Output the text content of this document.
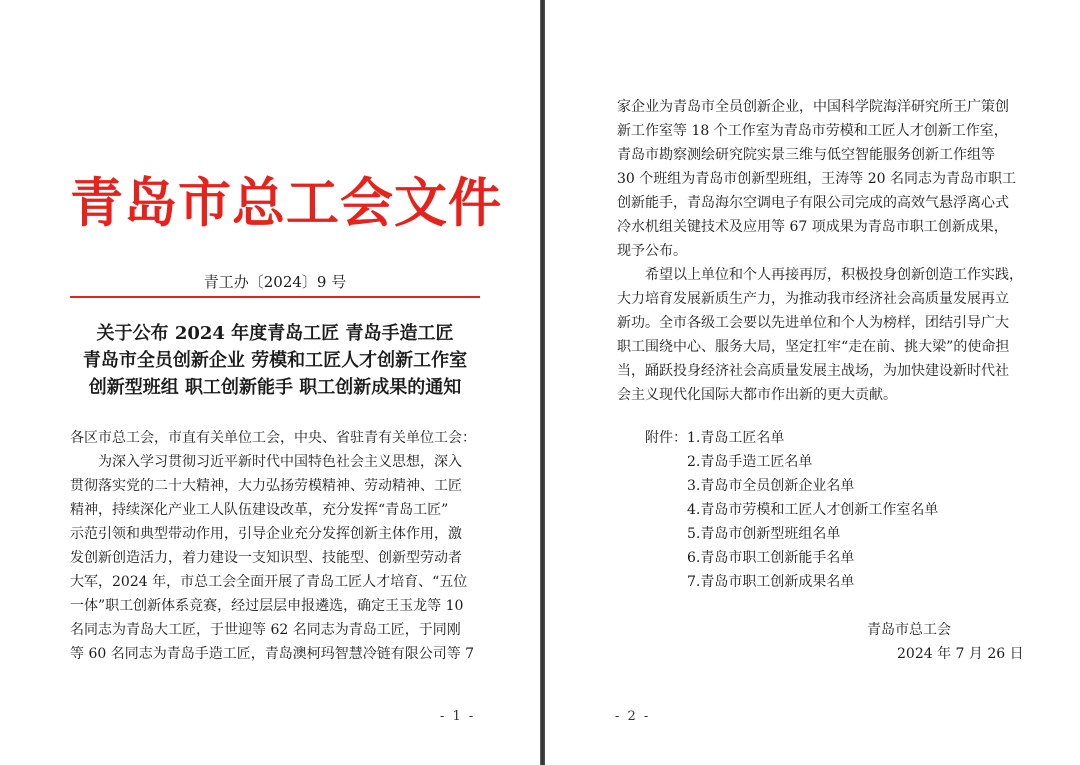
青岛市总工会文件
青工办〔2024〕9 号
关于公布 2024 年度青岛工匠 青岛手造工匠
青岛市全员创新企业 劳模和工匠人才创新工作室
创新型班组 职工创新能手 职工创新成果的通知
各区市总工会，市直有关单位工会，中央、省驻青有关单位工会：
为深入学习贯彻习近平新时代中国特色社会主义思想，深入
贯彻落实党的二十大精神，大力弘扬劳模精神、劳动精神、工匠
精神，持续深化产业工人队伍建设改革，充分发挥“青岛工匠”
示范引领和典型带动作用，引导企业充分发挥创新主体作用，激
发创新创造活力，着力建设一支知识型、技能型、创新型劳动者
大军，2024 年，市总工会全面开展了青岛工匠人才培育、“五位
一体”职工创新体系竞赛，经过层层申报遴选，确定王玉龙等 10
名同志为青岛大工匠，于世迎等 62 名同志为青岛工匠，于同刚
等 60 名同志为青岛手造工匠，青岛澳柯玛智慧冷链有限公司等 7
- 1 -
家企业为青岛市全员创新企业，中国科学院海洋研究所王广策创
新工作室等 18 个工作室为青岛市劳模和工匠人才创新工作室，
青岛市勘察测绘研究院实景三维与低空智能服务创新工作组等
30 个班组为青岛市创新型班组，王涛等 20 名同志为青岛市职工
创新能手，青岛海尔空调电子有限公司完成的高效气悬浮离心式
冷水机组关键技术及应用等 67 项成果为青岛市职工创新成果，
现予公布。
希望以上单位和个人再接再厉，积极投身创新创造工作实践，
大力培育发展新质生产力，为推动我市经济社会高质量发展再立
新功。全市各级工会要以先进单位和个人为榜样，团结引导广大
职工围绕中心、服务大局，坚定扛牢“走在前、挑大梁”的使命担
当，踊跃投身经济社会高质量发展主战场，为加快建设新时代社
会主义现代化国际大都市作出新的更大贡献。
附件： 1.青岛工匠名单
2.青岛手造工匠名单
3.青岛市全员创新企业名单
4.青岛市劳模和工匠人才创新工作室名单
5.青岛市创新型班组名单
6.青岛市职工创新能手名单
7.青岛市职工创新成果名单
青岛市总工会
2024 年 7 月 26 日
- 2 -
